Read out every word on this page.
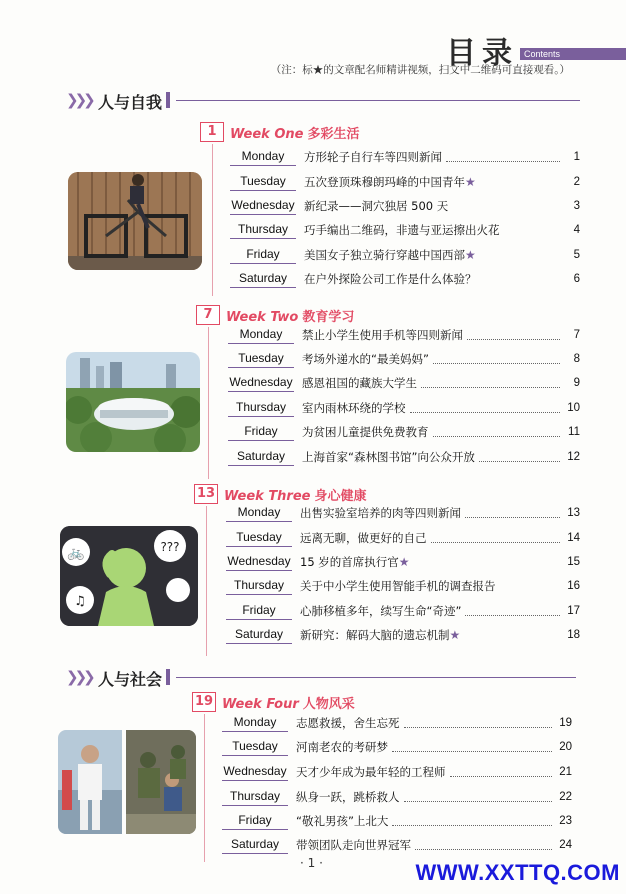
目录 Contents
（注：标★的文章配名师精讲视频，扫文中二维码可直接观看。）
❯❯❯ 人与自我
1	Week One 多彩生活
Monday	方形轮子自行车等四则新闻	1
Tuesday	五次登顶珠穆朗玛峰的中国青年★	2
Wednesday 新纪录——洞穴独居 500 天	3
Thursday	巧手编出二维码，非遗与亚运擦出火花	4
Friday	美国女子独立骑行穿越中国西部★	5
Saturday	在户外探险公司工作是什么体验？	6
7	Week Two 教育学习
Monday	禁止小学生使用手机等四则新闻	7
Tuesday	考场外递水的“最美妈妈”	8
Wednesday 感恩祖国的藏族大学生	9
Thursday	室内雨林环绕的学校	10
Friday	为贫困儿童提供免费教育	11
Saturday	上海首家“森林图书馆”向公众开放	12
13 Week Three 身心健康
Monday	出售实验室培养的肉等四则新闻	13
Tuesday	远离无聊，做更好的自己	14
Wednesday 15 岁的首席执行官★	15
Thursday	关于中小学生使用智能手机的调查报告	16
Friday	心肺移植多年，续写生命“奇迹”	17
Saturday	新研究：解码大脑的遗忘机制★	18
🚲	???
♫
❯❯❯ 人与社会
19 Week Four 人物风采
Monday	志愿救援，舍生忘死	19
Tuesday	河南老农的考研梦	20
Wednesday 天才少年成为最年轻的工程师	21
Thursday	纵身一跃，跳桥救人	22
Friday	“敬礼男孩”上北大	23
Saturday	带领团队走向世界冠军	24
· 1 ·	WWW.XXTTQ.COM
